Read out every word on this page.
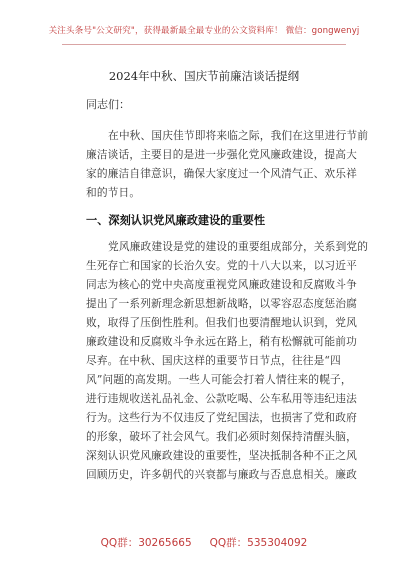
关注头条号"公文研究"，获得最新最全最专业的公文资料库！ 微信：gongwenyj
2024年中秋、国庆节前廉洁谈话提纲
同志们：
在中秋、国庆佳节即将来临之际，我们在这里进行节前
廉洁谈话，主要目的是进一步强化党风廉政建设，提高大
家的廉洁自律意识，确保大家度过一个风清气正、欢乐祥
和的节日。
一、深刻认识党风廉政建设的重要性
党风廉政建设是党的建设的重要组成部分，关系到党的
生死存亡和国家的长治久安。党的十八大以来，以习近平
同志为核心的党中央高度重视党风廉政建设和反腐败斗争
提出了一系列新理念新思想新战略，以零容忍态度惩治腐
败，取得了压倒性胜利。但我们也要清醒地认识到，党风
廉政建设和反腐败斗争永远在路上，稍有松懈就可能前功
尽弃。在中秋、国庆这样的重要节日节点，往往是“四
风”问题的高发期。一些人可能会打着人情往来的幌子，
进行违规收送礼品礼金、公款吃喝、公车私用等违纪违法
行为。这些行为不仅违反了党纪国法，也损害了党和政府
的形象，破坏了社会风气。我们必须时刻保持清醒头脑，
深刻认识党风廉政建设的重要性，坚决抵制各种不正之风
回顾历史，许多朝代的兴衰都与廉政与否息息相关。廉政
QQ群：30265665 QQ群：535304092
